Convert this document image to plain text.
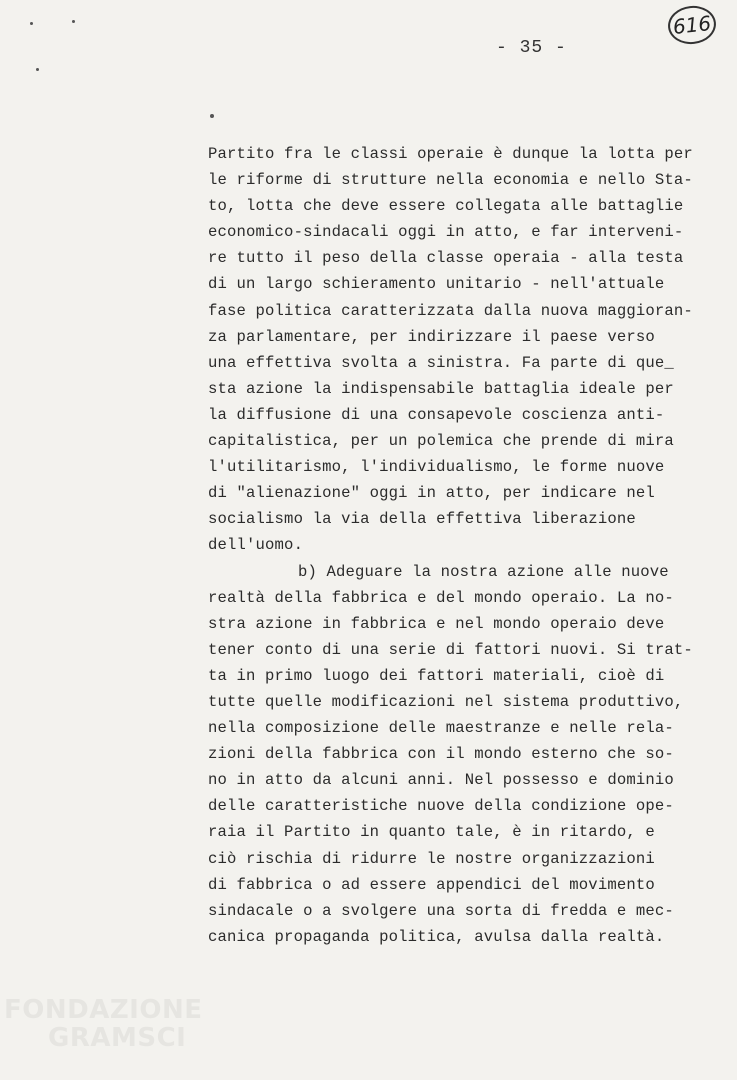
616
- 35 -
Partito fra le classi operaie è dunque la lotta per
le riforme di strutture nella economia e nello Sta-
to, lotta che deve essere collegata alle battaglie
economico-sindacali oggi in atto, e far interveni-
re tutto il peso della classe operaia - alla testa
di un largo schieramento unitario - nell'attuale
fase politica caratterizzata dalla nuova maggioran-
za parlamentare, per indirizzare il paese verso
una effettiva svolta a sinistra. Fa parte di que_
sta azione la indispensabile battaglia ideale per
la diffusione di una consapevole coscienza anti-
capitalistica, per un polemica che prende di mira
l'utilitarismo, l'individualismo, le forme nuove
di "alienazione" oggi in atto, per indicare nel
socialismo la via della effettiva liberazione
dell'uomo.
b) Adeguare la nostra azione alle nuove
realtà della fabbrica e del mondo operaio. La no-
stra azione in fabbrica e nel mondo operaio deve
tener conto di una serie di fattori nuovi. Si trat-
ta in primo luogo dei fattori materiali, cioè di
tutte quelle modificazioni nel sistema produttivo,
nella composizione delle maestranze e nelle rela-
zioni della fabbrica con il mondo esterno che so-
no in atto da alcuni anni. Nel possesso e dominio
delle caratteristiche nuove della condizione ope-
raia il Partito in quanto tale, è in ritardo, e
ciò rischia di ridurre le nostre organizzazioni
di fabbrica o ad essere appendici del movimento
sindacale o a svolgere una sorta di fredda e mec-
canica propaganda politica, avulsa dalla realtà.
FONDAZIONE
GRAMSCI
